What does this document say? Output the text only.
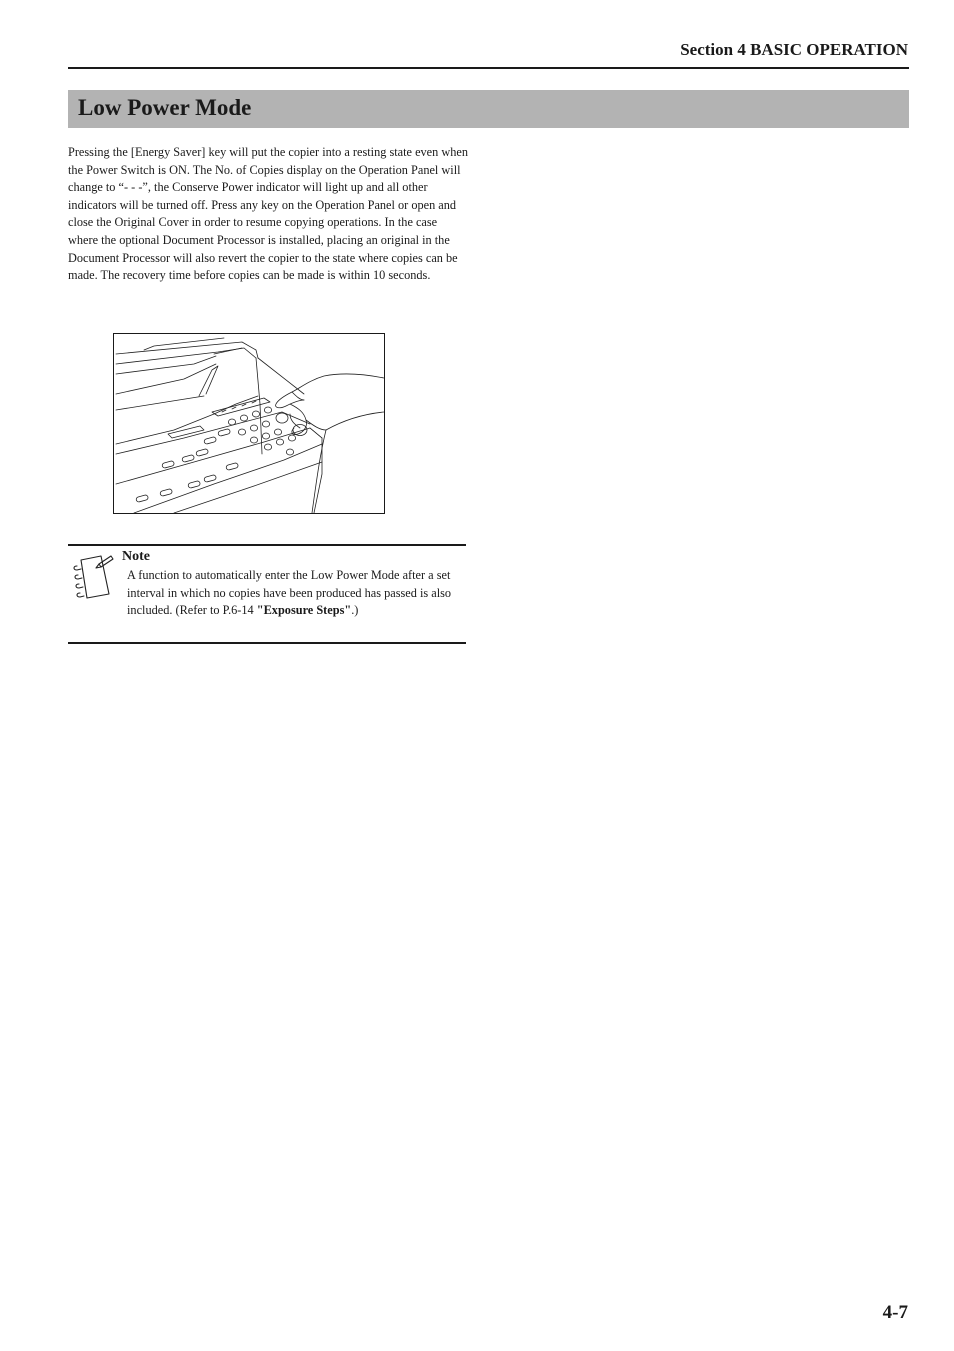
Section 4 BASIC OPERATION
Low Power Mode

Pressing the [Energy Saver] key will put the copier into a resting state even when the Power Switch is ON. The No. of Copies display on the Operation Panel will change to “- - -”, the Conserve Power indicator will light up and all other indicators will be turned off. Press any key on the Operation Panel or open and close the Original Cover in order to resume copying operations. In the case where the optional Document Processor is installed, placing an original in the Document Processor will also revert the copier to the state where copies can be made. The recovery time before copies can be made is within 10 seconds.

Note

A function to automatically enter the Low Power Mode after a set interval in which no copies have been produced has passed is also included. (Refer to P.6-14 "Exposure Steps".)

4-7
